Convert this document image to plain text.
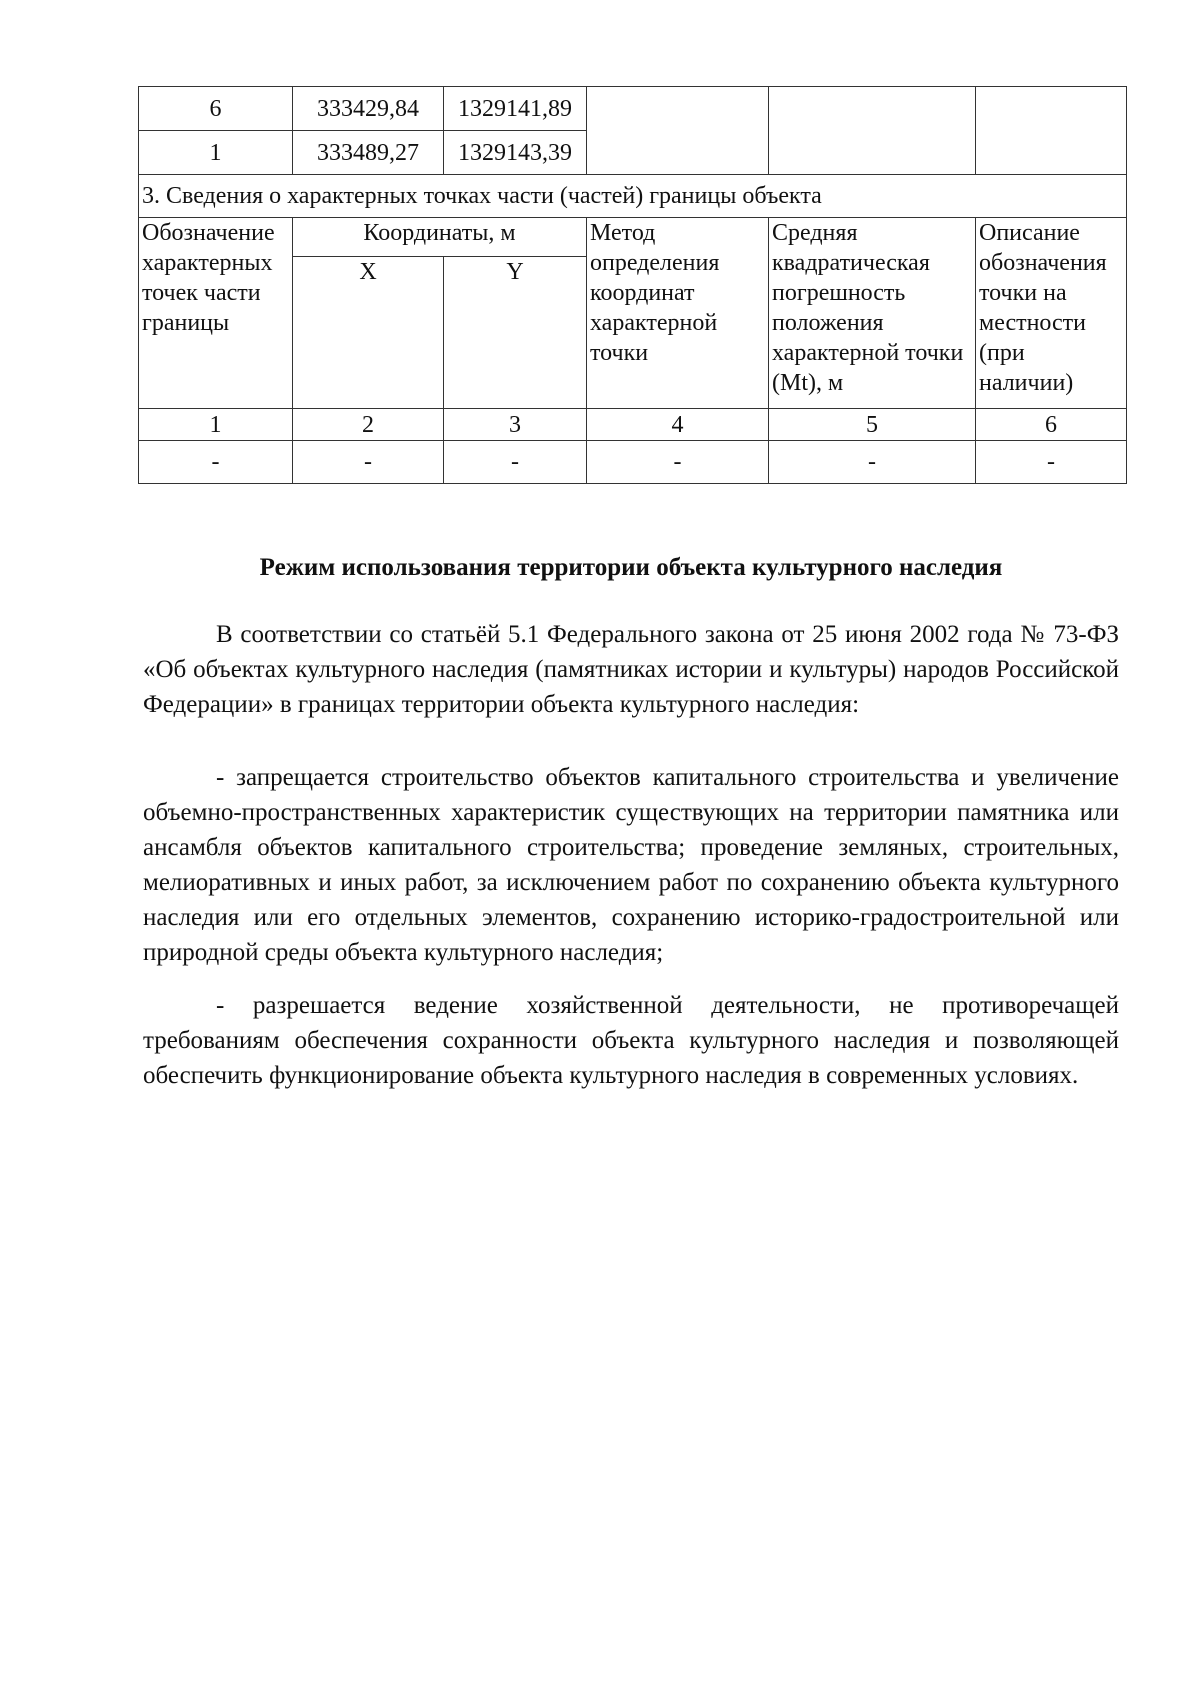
6	333429,84	1329141,89			
1	333489,27	1329143,39			
3. Сведения о характерных точках части (частей) границы объекта					
Обозначение характерных точек части границы	Координаты, м		Метод определения координат характерной точки	Средняя квадратическая погрешность положения характерной точки (Mt), м	Описание обозначения точки на местности (при наличии)
	X	Y			
1	2	3	4	5	6
-	-	-	-	-	-
Режим использования территории объекта культурного наследия

В соответствии со статьёй 5.1 Федерального закона от 25 июня 2002 года № 73-ФЗ «Об объектах культурного наследия (памятниках истории и культуры) народов Российской Федерации» в границах территории объекта культурного наследия:

- запрещается строительство объектов капитального строительства и увеличение объемно-пространственных характеристик существующих на территории памятника или ансамбля объектов капитального строительства; проведение земляных, строительных, мелиоративных и иных работ, за исключением работ по сохранению объекта культурного наследия или его отдельных элементов, сохранению историко-градостроительной или природной среды объекта культурного наследия;

- разрешается ведение хозяйственной деятельности, не противоречащей требованиям обеспечения сохранности объекта культурного наследия и позволяющей обеспечить функционирование объекта культурного наследия в современных условиях.
